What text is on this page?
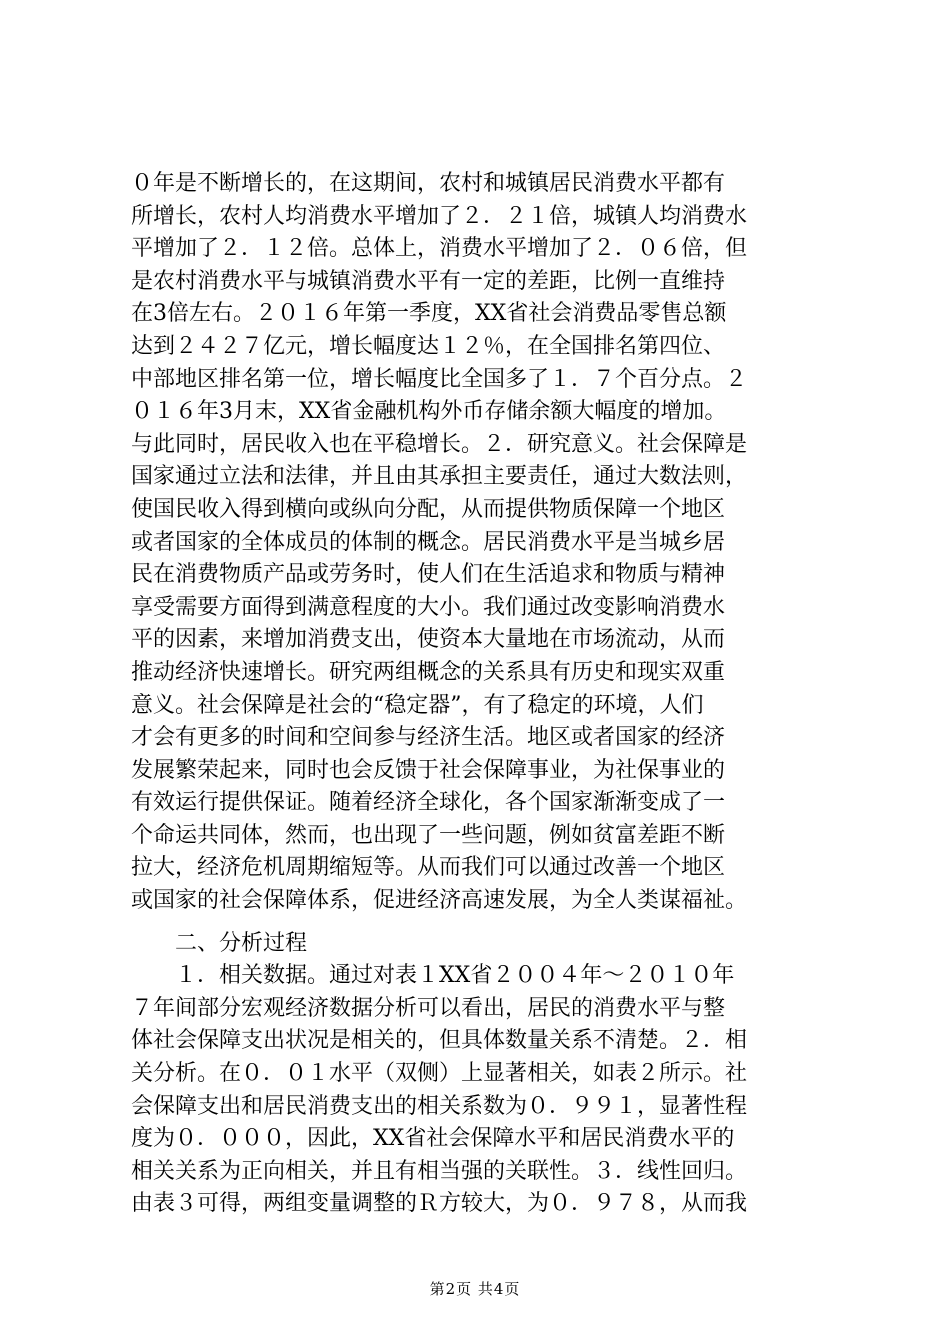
０年是不断增长的，在这期间，农村和城镇居民消费水平都有
所增长，农村人均消费水平增加了２．２１倍，城镇人均消费水
平增加了２．１２倍。总体上，消费水平增加了２．０６倍，但
是农村消费水平与城镇消费水平有一定的差距，比例一直维持
在3倍左右。２０１６年第一季度，XX省社会消费品零售总额
达到２４２７亿元，增长幅度达１２％，在全国排名第四位、
中部地区排名第一位，增长幅度比全国多了１．７个百分点。２
０１６年3月末，XX省金融机构外币存储余额大幅度的增加。
与此同时，居民收入也在平稳增长。２．研究意义。社会保障是
国家通过立法和法律，并且由其承担主要责任，通过大数法则，
使国民收入得到横向或纵向分配，从而提供物质保障一个地区
或者国家的全体成员的体制的概念。居民消费水平是当城乡居
民在消费物质产品或劳务时，使人们在生活追求和物质与精神
享受需要方面得到满意程度的大小。我们通过改变影响消费水
平的因素，来增加消费支出，使资本大量地在市场流动，从而
推动经济快速增长。研究两组概念的关系具有历史和现实双重
意义。社会保障是社会的“稳定器”，有了稳定的环境，人们
才会有更多的时间和空间参与经济生活。地区或者国家的经济
发展繁荣起来，同时也会反馈于社会保障事业，为社保事业的
有效运行提供保证。随着经济全球化，各个国家渐渐变成了一
个命运共同体，然而，也出现了一些问题，例如贫富差距不断
拉大，经济危机周期缩短等。从而我们可以通过改善一个地区
或国家的社会保障体系，促进经济高速发展，为全人类谋福祉。
二、分析过程
１．相关数据。通过对表１XX省２００４年～２０１０年
７年间部分宏观经济数据分析可以看出，居民的消费水平与整
体社会保障支出状况是相关的，但具体数量关系不清楚。２．相
关分析。在０．０１水平（双侧）上显著相关，如表２所示。社
会保障支出和居民消费支出的相关系数为０．９９１，显著性程
度为０．０００，因此，XX省社会保障水平和居民消费水平的
相关关系为正向相关，并且有相当强的关联性。３．线性回归。
由表３可得，两组变量调整的Ｒ方较大，为０．９７８，从而我
第2页 共4页
